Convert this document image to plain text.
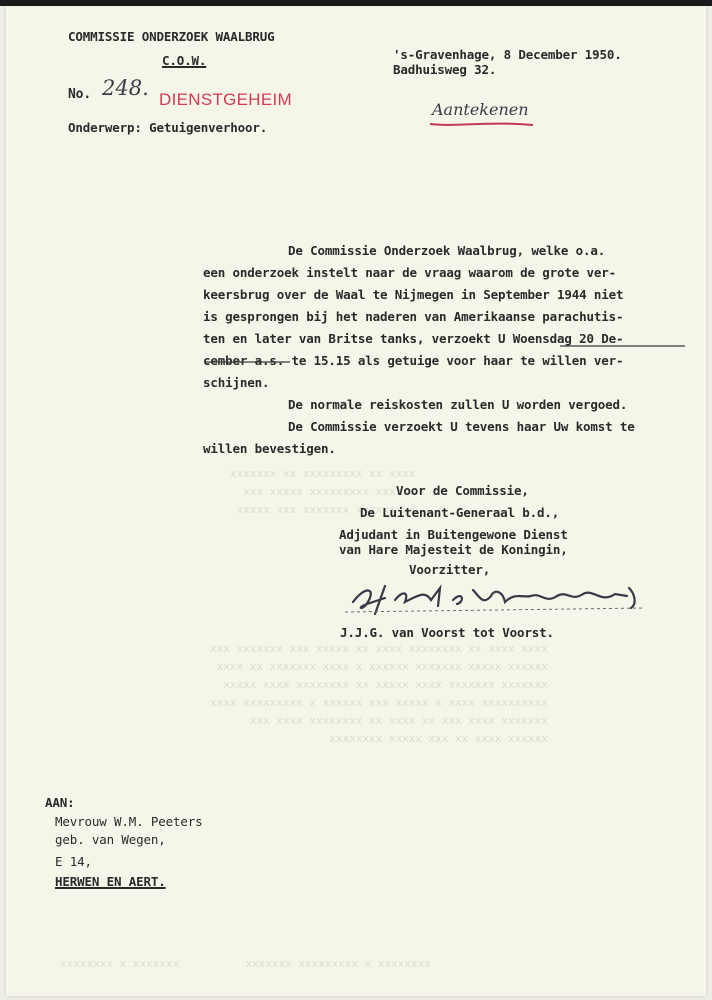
xxxx xx xxxxxxxxx xx xxxxxxx
xxxxxx xxxxxxxxx xxxxx xxx
xxxxxxxxx xxxxxxx xxx xxxxx
xxxx xxxx xx xxxxxxxx xxxx xx xxxxx xxx xxxxxxx xxx
xxxxxx xxxxx xxxxxxx xxxxxx x xxxx xxxxxxx xx xxxx
xxxxxxx xxxxxxx xxxx xxxxx xx xxxxxxxx xxxx xxxxx
xxxxxxxxxx xxxx x xxxxx xxx xxxxxx x xxxxxxxxx xxxx
xxxxxxx xxxx xxx xx xxxx xx xxxxxxxx xxxx xxx
xxxxxx xxxx xx xxx xxxxx xxxxxxxx
xxxxxxxx x xxxxxxxxx xxxxxxx          xxxxxxx x xxxxxxxx
COMMISSIE ONDERZOEK WAALBRUG
C.O.W.
No. 248. DIENSTGEHEIM
Onderwerp: Getuigenverhoor.
's-Gravenhage, 8 December 1950.
Badhuisweg 32.
Aantekenen
De Commissie Onderzoek Waalbrug, welke o.a.
een onderzoek instelt naar de vraag waarom de grote ver-
keersbrug over de Waal te Nijmegen in September 1944 niet
is gesprongen bij het naderen van Amerikaanse parachutis-
ten en later van Britse tanks, verzoekt U Woensdag 20 De-
cember a.s. te 15.15 als getuige voor haar te willen ver-
schijnen.
De normale reiskosten zullen U worden vergoed.
De Commissie verzoekt U tevens haar Uw komst te
willen bevestigen.
Voor de Commissie,
De Luitenant-Generaal b.d.,
Adjudant in Buitengewone Dienst
van Hare Majesteit de Koningin,
Voorzitter,
J.J.G. van Voorst tot Voorst.
AAN:
Mevrouw W.M. Peeters
geb. van Wegen,
E 14,
HERWEN EN AERT.
